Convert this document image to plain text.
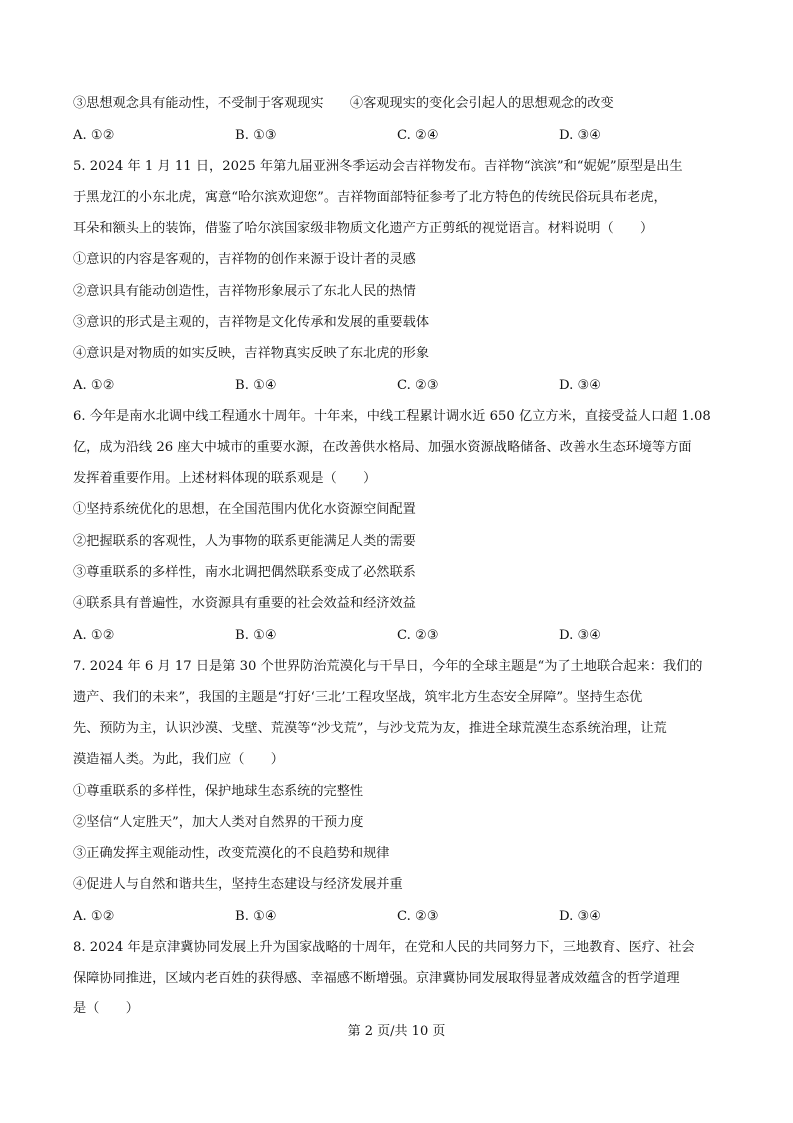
③思想观念具有能动性，不受制于客观现实　　④客观现实的变化会引起人的思想观念的改变
A. ①②	B. ①③	C. ②④	D. ③④
5. 2024 年 1 月 11 日，2025 年第九届亚洲冬季运动会吉祥物发布。吉祥物“滨滨”和“妮妮”原型是出生
于黑龙江的小东北虎，寓意“哈尔滨欢迎您”。吉祥物面部特征参考了北方特色的传统民俗玩具布老虎，
耳朵和额头上的装饰，借鉴了哈尔滨国家级非物质文化遗产方正剪纸的视觉语言。材料说明（　　）
①意识的内容是客观的，吉祥物的创作来源于设计者的灵感
②意识具有能动创造性，吉祥物形象展示了东北人民的热情
③意识的形式是主观的，吉祥物是文化传承和发展的重要载体
④意识是对物质的如实反映，吉祥物真实反映了东北虎的形象
A. ①②	B. ①④	C. ②③	D. ③④
6. 今年是南水北调中线工程通水十周年。十年来，中线工程累计调水近 650 亿立方米，直接受益人口超 1.08
亿，成为沿线 26 座大中城市的重要水源，在改善供水格局、加强水资源战略储备、改善水生态环境等方面
发挥着重要作用。上述材料体现的联系观是（　　）
①坚持系统优化的思想，在全国范围内优化水资源空间配置
②把握联系的客观性，人为事物的联系更能满足人类的需要
③尊重联系的多样性，南水北调把偶然联系变成了必然联系
④联系具有普遍性，水资源具有重要的社会效益和经济效益
A. ①②	B. ①④	C. ②③	D. ③④
7. 2024 年 6 月 17 日是第 30 个世界防治荒漠化与干旱日，今年的全球主题是“为了土地联合起来：我们的
遗产、我们的未来”，我国的主题是“打好‘三北’工程攻坚战，筑牢北方生态安全屏障”。坚持生态优
先、预防为主，认识沙漠、戈壁、荒漠等“沙戈荒”，与沙戈荒为友，推进全球荒漠生态系统治理，让荒
漠造福人类。为此，我们应（　　）
①尊重联系的多样性，保护地球生态系统的完整性
②坚信“人定胜天”，加大人类对自然界的干预力度
③正确发挥主观能动性，改变荒漠化的不良趋势和规律
④促进人与自然和谐共生，坚持生态建设与经济发展并重
A. ①②	B. ①④	C. ②③	D. ③④
8. 2024 年是京津冀协同发展上升为国家战略的十周年，在党和人民的共同努力下，三地教育、医疗、社会
保障协同推进，区域内老百姓的获得感、幸福感不断增强。京津冀协同发展取得显著成效蕴含的哲学道理
是（　　）
第 2 页/共 10 页
